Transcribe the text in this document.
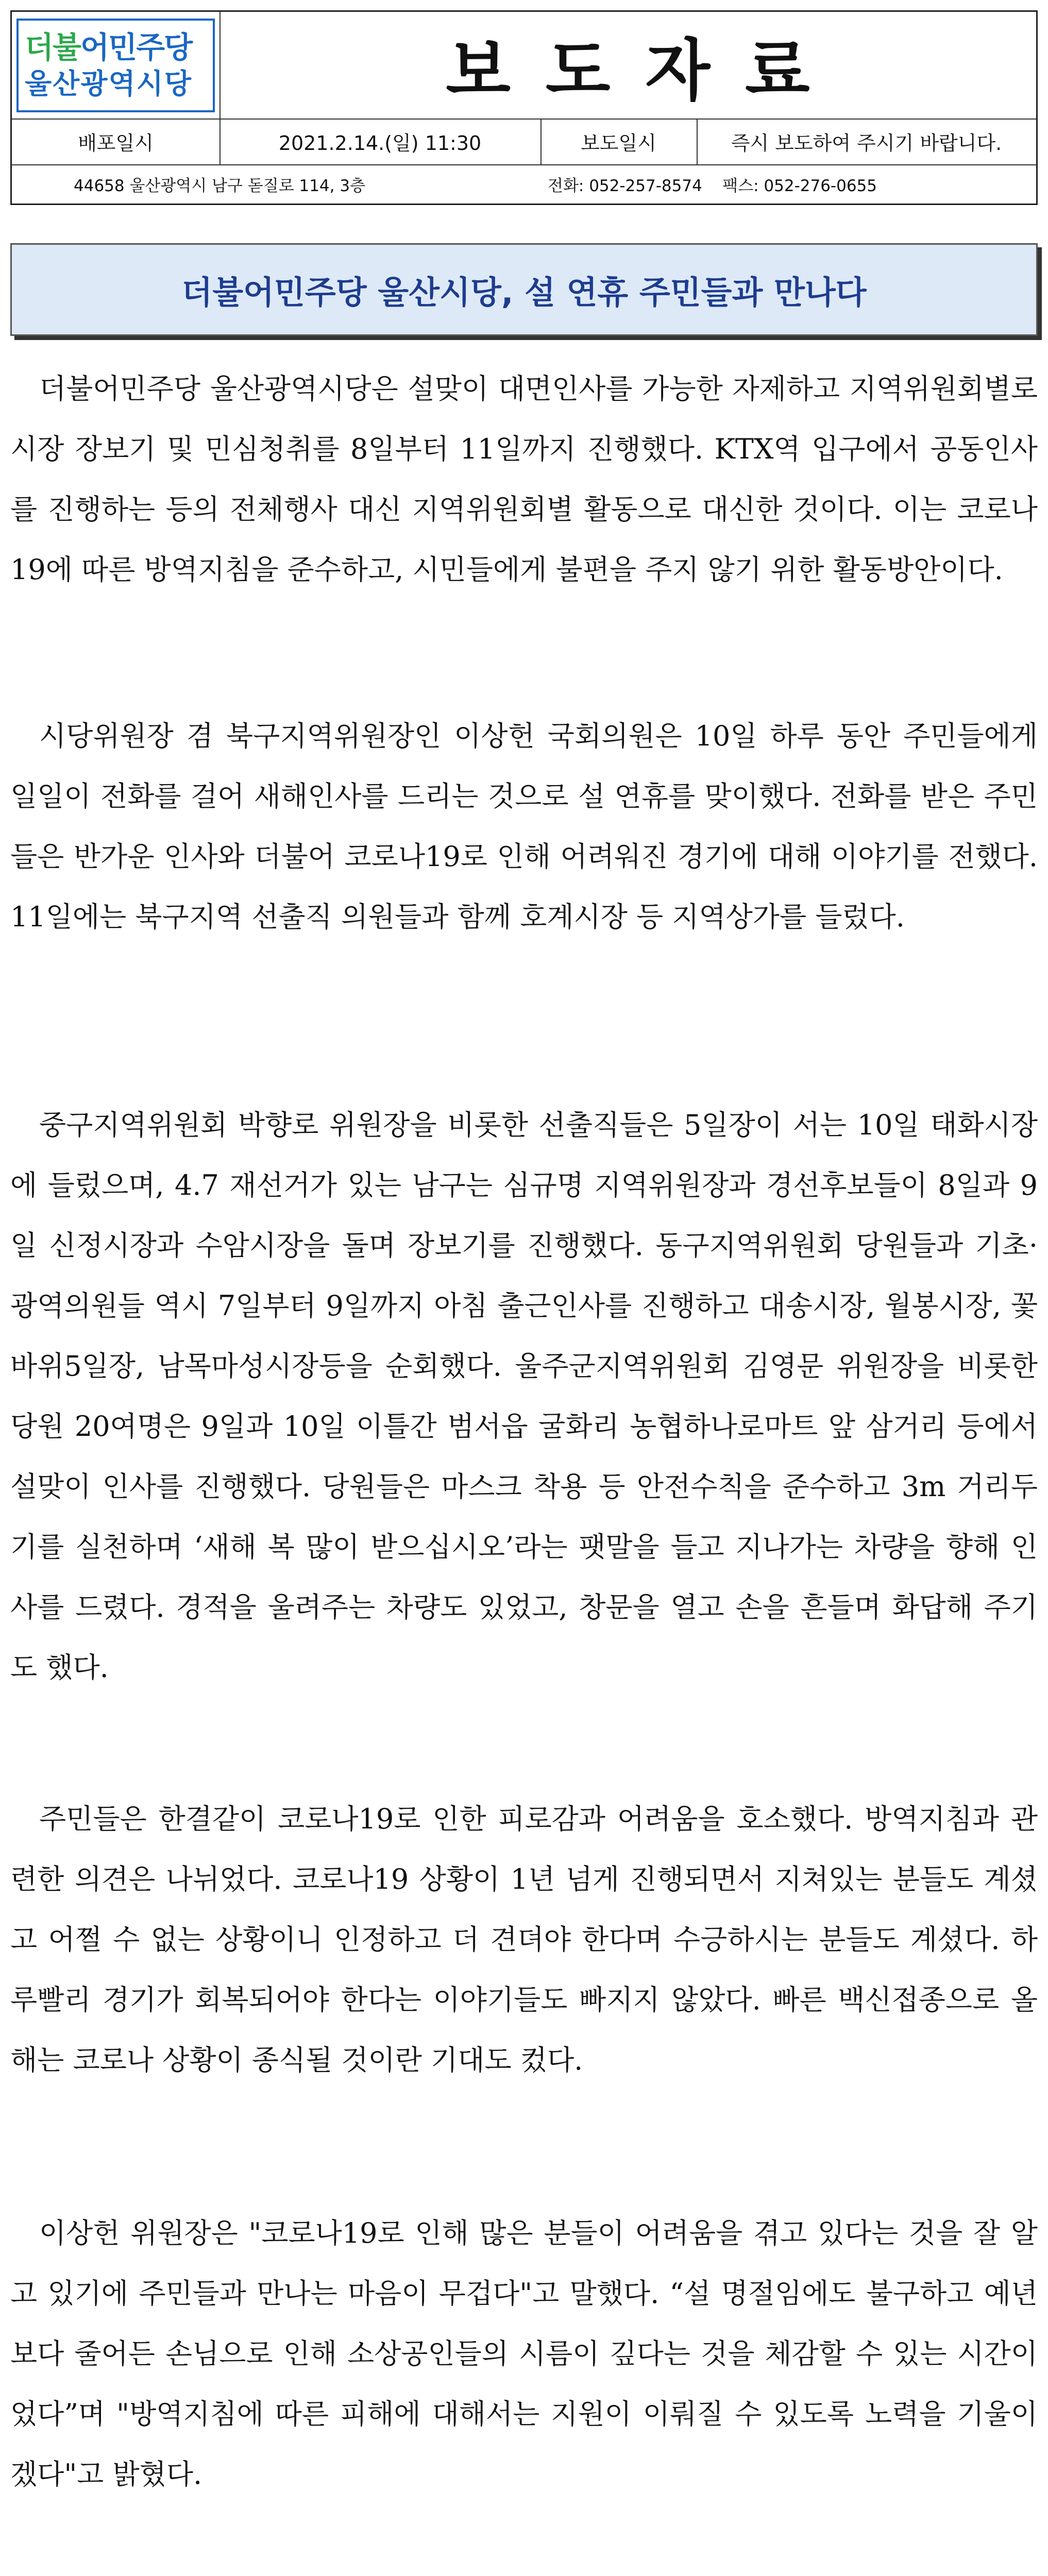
더불어민주당
울산광역시당	보도자료
배포일시	2021.2.14.(일) 11:30	보도일시	즉시 보도하여 주시기 바랍니다.
44658 울산광역시 남구 돋질로 114, 3층	전화: 052-257-8574
팩스: 052-276-0655
더불어민주당 울산시당, 설 연휴 주민들과 만나다

더불어민주당 울산광역시당은 설맞이 대면인사를 가능한 자제하고 지역위원회별로 시장 장보기 및 민심청취를 8일부터 11일까지 진행했다. KTX역 입구에서 공동인사를 진행하는 등의 전체행사 대신 지역위원회별 활동으로 대신한 것이다. 이는 코로나19에 따른 방역지침을 준수하고, 시민들에게 불편을 주지 않기 위한 활동방안이다.

시당위원장 겸 북구지역위원장인 이상헌 국회의원은 10일 하루 동안 주민들에게 일일이 전화를 걸어 새해인사를 드리는 것으로 설 연휴를 맞이했다. 전화를 받은 주민들은 반가운 인사와 더불어 코로나19로 인해 어려워진 경기에 대해 이야기를 전했다. 11일에는 북구지역 선출직 의원들과 함께 호계시장 등 지역상가를 들렀다.

중구지역위원회 박향로 위원장을 비롯한 선출직들은 5일장이 서는 10일 태화시장에 들렀으며, 4.7 재선거가 있는 남구는 심규명 지역위원장과 경선후보들이 8일과 9일 신정시장과 수암시장을 돌며 장보기를 진행했다. 동구지역위원회 당원들과 기초·광역의원들 역시 7일부터 9일까지 아침 출근인사를 진행하고 대송시장, 월봉시장, 꽃바위5일장, 남목마성시장등을 순회했다. 울주군지역위원회 김영문 위원장을 비롯한 당원 20여명은 9일과 10일 이틀간 범서읍 굴화리 농협하나로마트 앞 삼거리 등에서 설맞이 인사를 진행했다. 당원들은 마스크 착용 등 안전수칙을 준수하고 3m 거리두기를 실천하며 ‘새해 복 많이 받으십시오’라는 팻말을 들고 지나가는 차량을 향해 인사를 드렸다. 경적을 울려주는 차량도 있었고, 창문을 열고 손을 흔들며 화답해 주기도 했다.

주민들은 한결같이 코로나19로 인한 피로감과 어려움을 호소했다. 방역지침과 관련한 의견은 나뉘었다. 코로나19 상황이 1년 넘게 진행되면서 지쳐있는 분들도 계셨고 어쩔 수 없는 상황이니 인정하고 더 견뎌야 한다며 수긍하시는 분들도 계셨다. 하루빨리 경기가 회복되어야 한다는 이야기들도 빠지지 않았다. 빠른 백신접종으로 올해는 코로나 상황이 종식될 것이란 기대도 컸다.

이상헌 위원장은 "코로나19로 인해 많은 분들이 어려움을 겪고 있다는 것을 잘 알고 있기에 주민들과 만나는 마음이 무겁다"고 말했다. “설 명절임에도 불구하고 예년보다 줄어든 손님으로 인해 소상공인들의 시름이 깊다는 것을 체감할 수 있는 시간이었다”며 "방역지침에 따른 피해에 대해서는 지원이 이뤄질 수 있도록 노력을 기울이겠다"고 밝혔다.
